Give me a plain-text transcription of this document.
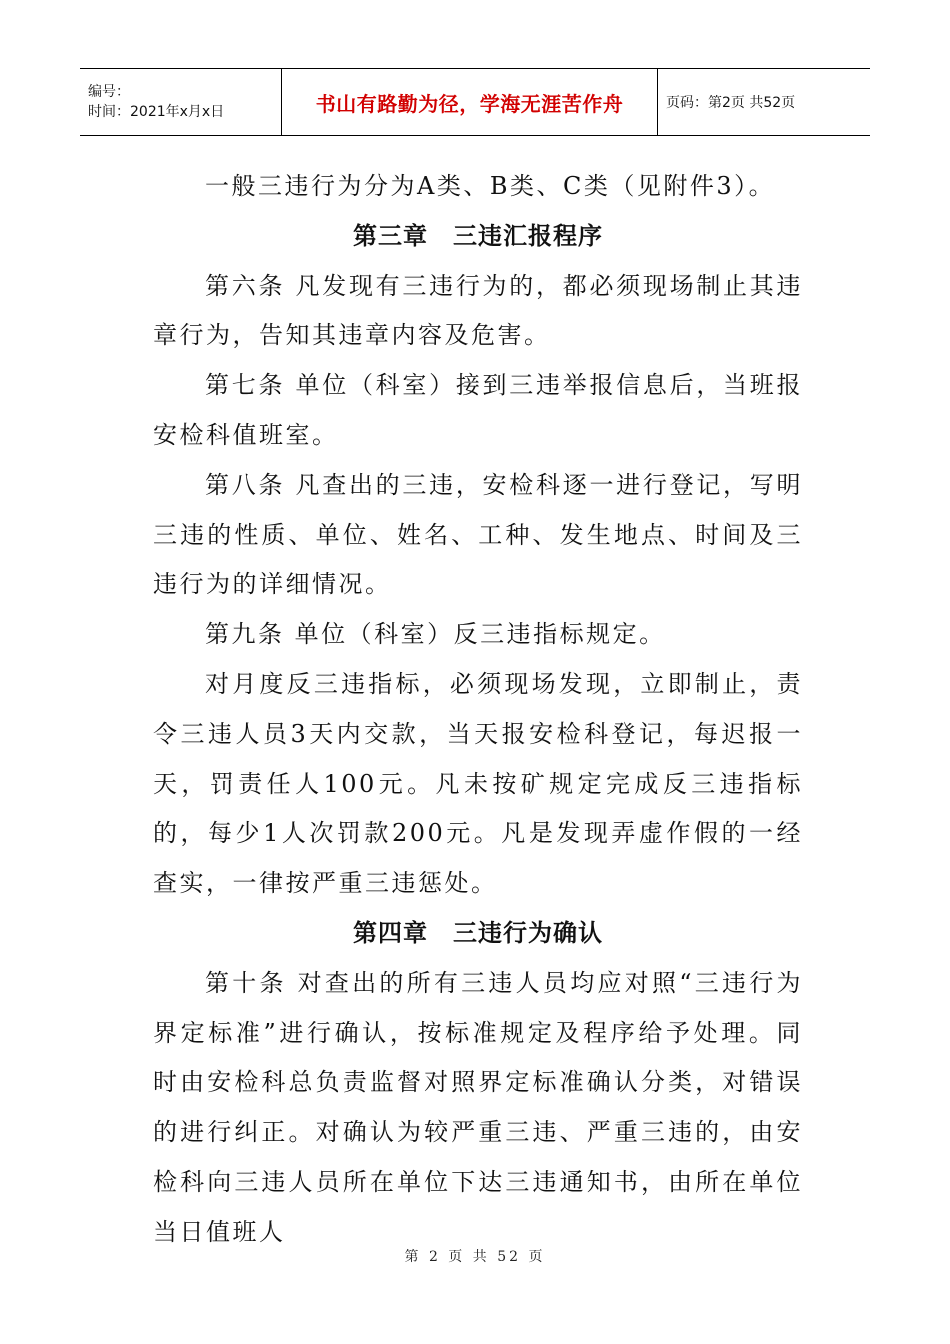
编号：
时间：2021年x月x日	书山有路勤为径，学海无涯苦作舟	页码：第2页 共52页

一般三违行为分为A类、B类、C类（见附件3）。

第三章　三违汇报程序

第六条 凡发现有三违行为的，都必须现场制止其违章行为，告知其违章内容及危害。

第七条 单位（科室）接到三违举报信息后，当班报安检科值班室。

第八条 凡查出的三违，安检科逐一进行登记，写明三违的性质、单位、姓名、工种、发生地点、时间及三违行为的详细情况。

第九条 单位（科室）反三违指标规定。

对月度反三违指标，必须现场发现，立即制止，责令三违人员3天内交款，当天报安检科登记，每迟报一天，罚责任人100元。凡未按矿规定完成反三违指标的，每少1人次罚款200元。凡是发现弄虚作假的一经查实，一律按严重三违惩处。

第四章　三违行为确认

第十条 对查出的所有三违人员均应对照“三违行为界定标准”进行确认，按标准规定及程序给予处理。同时由安检科总负责监督对照界定标准确认分类，对错误的进行纠正。对确认为较严重三违、严重三违的，由安检科向三违人员所在单位下达三违通知书，由所在单位当日值班人

第 2 页 共 52 页
